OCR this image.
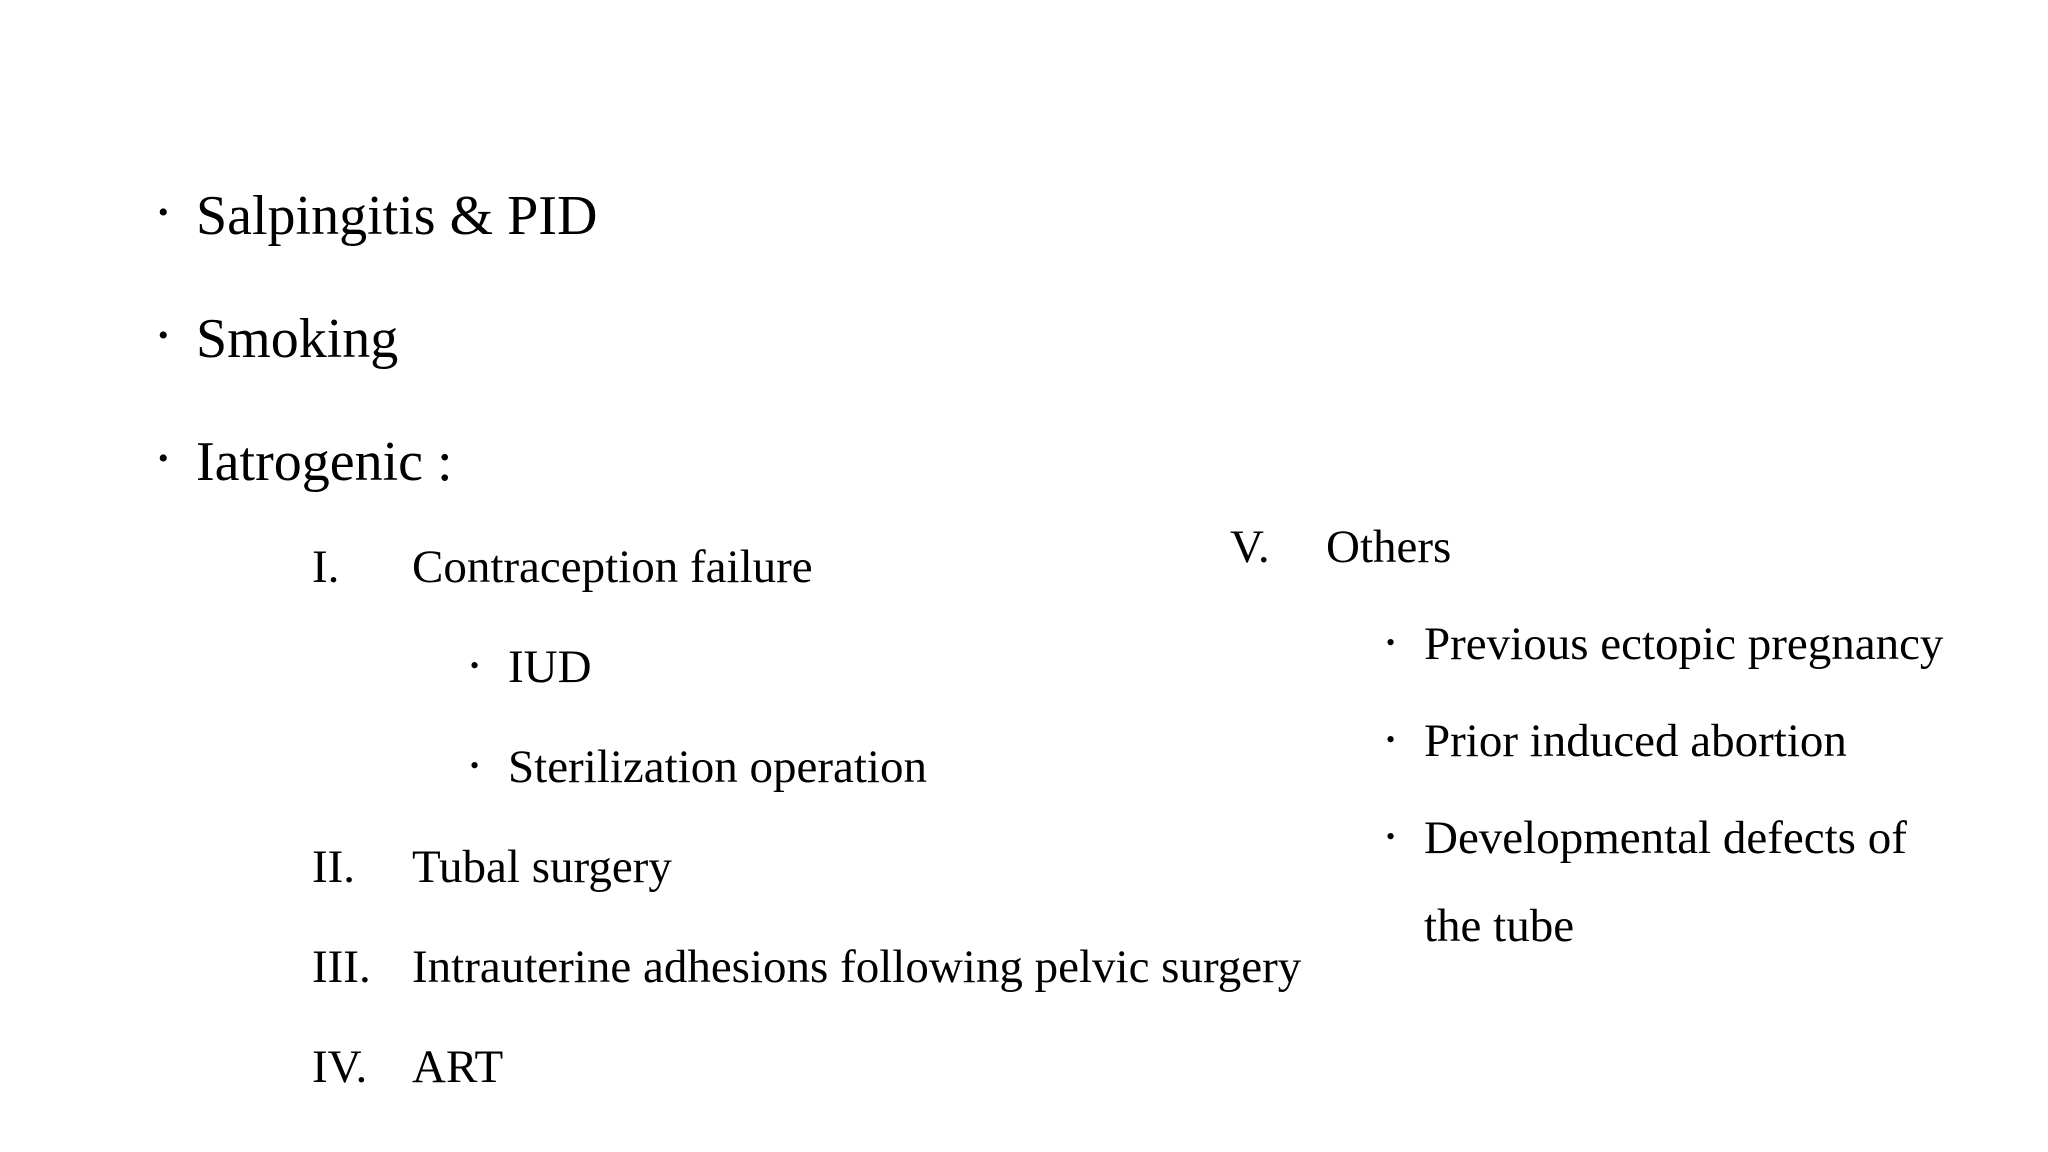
• Salpingitis & PID
• Smoking
• Iatrogenic :
I. Contraception failure
• IUD
• Sterilization operation
II. Tubal surgery
III. Intrauterine adhesions following pelvic surgery
IV. ART
V. Others
• Previous ectopic pregnancy
• Prior induced abortion
• Developmental defects of
the tube
